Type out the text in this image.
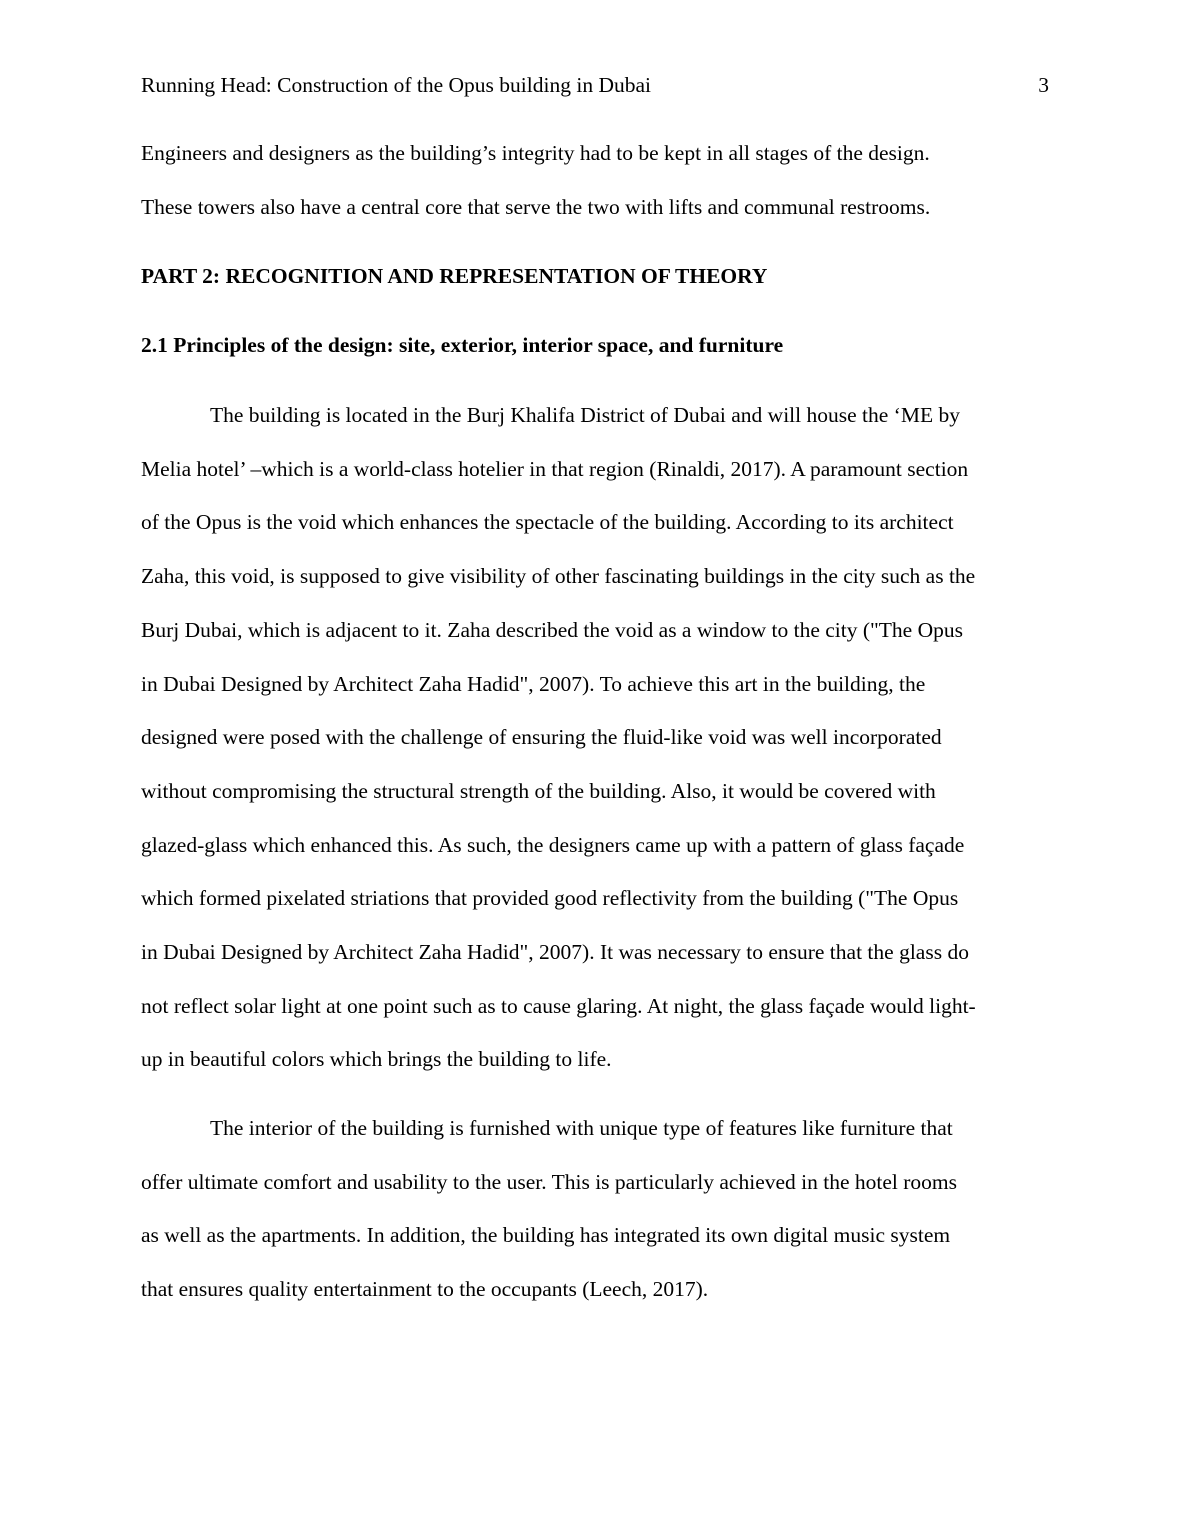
Running Head: Construction of the Opus building in Dubai	3

Engineers and designers as the building’s integrity had to be kept in all stages of the design.
These towers also have a central core that serve the two with lifts and communal restrooms.

PART 2: RECOGNITION AND REPRESENTATION OF THEORY

2.1 Principles of the design: site, exterior, interior space, and furniture

The building is located in the Burj Khalifa District of Dubai and will house the ‘ME by
Melia hotel’ –which is a world-class hotelier in that region (Rinaldi, 2017). A paramount section
of the Opus is the void which enhances the spectacle of the building. According to its architect
Zaha, this void, is supposed to give visibility of other fascinating buildings in the city such as the
Burj Dubai, which is adjacent to it. Zaha described the void as a window to the city ("The Opus
in Dubai Designed by Architect Zaha Hadid", 2007). To achieve this art in the building, the
designed were posed with the challenge of ensuring the fluid-like void was well incorporated
without compromising the structural strength of the building. Also, it would be covered with
glazed-glass which enhanced this. As such, the designers came up with a pattern of glass façade
which formed pixelated striations that provided good reflectivity from the building ("The Opus
in Dubai Designed by Architect Zaha Hadid", 2007). It was necessary to ensure that the glass do
not reflect solar light at one point such as to cause glaring. At night, the glass façade would light-
up in beautiful colors which brings the building to life.

The interior of the building is furnished with unique type of features like furniture that
offer ultimate comfort and usability to the user. This is particularly achieved in the hotel rooms
as well as the apartments. In addition, the building has integrated its own digital music system
that ensures quality entertainment to the occupants (Leech, 2017).
